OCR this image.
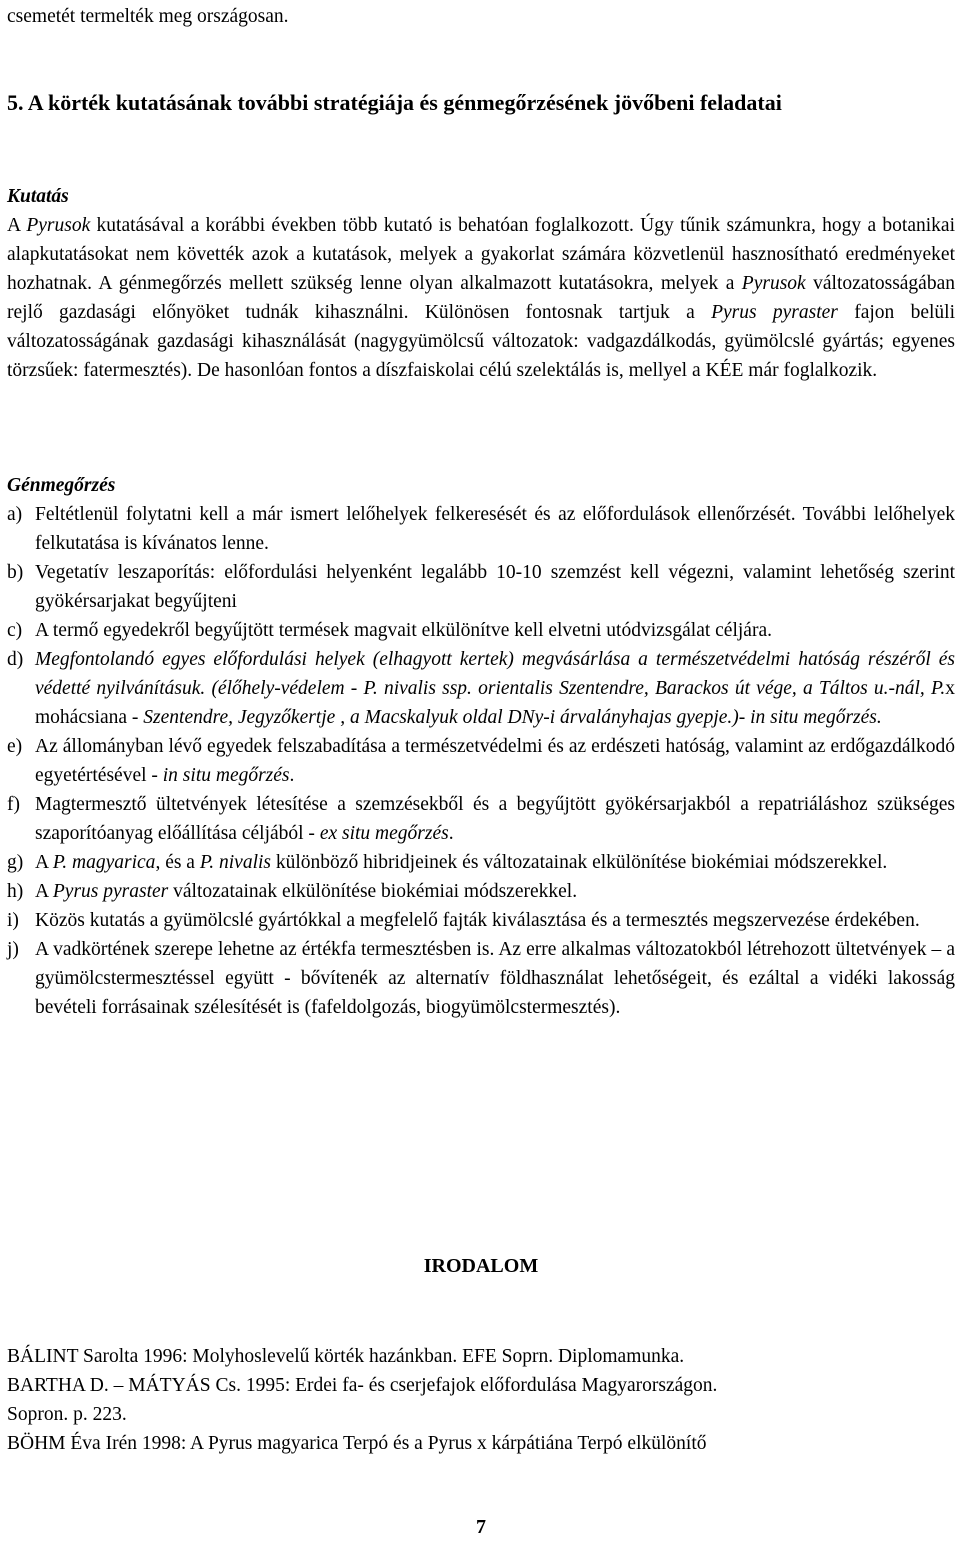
csemetét termelték meg országosan.

5. A körték kutatásának további stratégiája és génmegőrzésének jövőbeni feladatai

Kutatás

A Pyrusok kutatásával a korábbi években több kutató is behatóan foglalkozott. Úgy tűnik számunkra, hogy a botanikai alapkutatásokat nem követték azok a kutatások, melyek a gyakorlat számára közvetlenül hasznosítható eredményeket hozhatnak. A génmegőrzés mellett szükség lenne olyan alkalmazott kutatásokra, melyek a Pyrusok változatosságában rejlő gazdasági előnyöket tudnák kihasználni. Különösen fontosnak tartjuk a Pyrus pyraster fajon belüli változatosságának gazdasági kihasználását (nagygyümölcsű változatok: vadgazdálkodás, gyümölcslé gyártás; egyenes törzsűek: fatermesztés). De hasonlóan fontos a díszfaiskolai célú szelektálás is, mellyel a KÉE már foglalkozik.

Génmegőrzés

a) Feltétlenül folytatni kell a már ismert lelőhelyek felkeresését és az előfordulások ellenőrzését. További lelőhelyek felkutatása is kívánatos lenne.
b) Vegetatív leszaporítás: előfordulási helyenként legalább 10-10 szemzést kell végezni, valamint lehetőség szerint gyökérsarjakat begyűjteni
c) A termő egyedekről begyűjtött termések magvait elkülönítve kell elvetni utódvizsgálat céljára.
d) Megfontolandó egyes előfordulási helyek (elhagyott kertek) megvásárlása a természetvédelmi hatóság részéről és védetté nyilvánításuk. (élőhely-védelem - P. nivalis ssp. orientalis Szentendre, Barackos út vége, a Táltos u.-nál, P.x mohácsiana - Szentendre, Jegyzőkertje , a Macskalyuk oldal DNy-i árvalányhajas gyepje.)- in situ megőrzés.
e) Az állományban lévő egyedek felszabadítása a természetvédelmi és az erdészeti hatóság, valamint az erdőgazdálkodó egyetértésével - in situ megőrzés.
f) Magtermesztő ültetvények létesítése a szemzésekből és a begyűjtött gyökérsarjakból a repatriáláshoz szükséges szaporítóanyag előállítása céljából - ex situ megőrzés.
g) A P. magyarica, és a P. nivalis különböző hibridjeinek és változatainak elkülönítése biokémiai módszerekkel.
h) A Pyrus pyraster változatainak elkülönítése biokémiai módszerekkel.
i) Közös kutatás a gyümölcslé gyártókkal a megfelelő fajták kiválasztása és a termesztés megszervezése érdekében.
j) A vadkörtének szerepe lehetne az értékfa termesztésben is. Az erre alkalmas változatokból létrehozott ültetvények – a gyümölcstermesztéssel együtt - bővítenék az alternatív földhasználat lehetőségeit, és ezáltal a vidéki lakosság bevételi forrásainak szélesítését is (fafeldolgozás, biogyümölcstermesztés).

IRODALOM

BÁLINT Sarolta 1996: Molyhoslevelű körték hazánkban. EFE Soprn. Diplomamunka.

BARTHA D. – MÁTYÁS Cs. 1995: Erdei fa- és cserjefajok előfordulása Magyarországon.

Sopron. p. 223.

BÖHM Éva Irén 1998: A Pyrus magyarica Terpó és a Pyrus x kárpátiána Terpó elkülönítő

7
